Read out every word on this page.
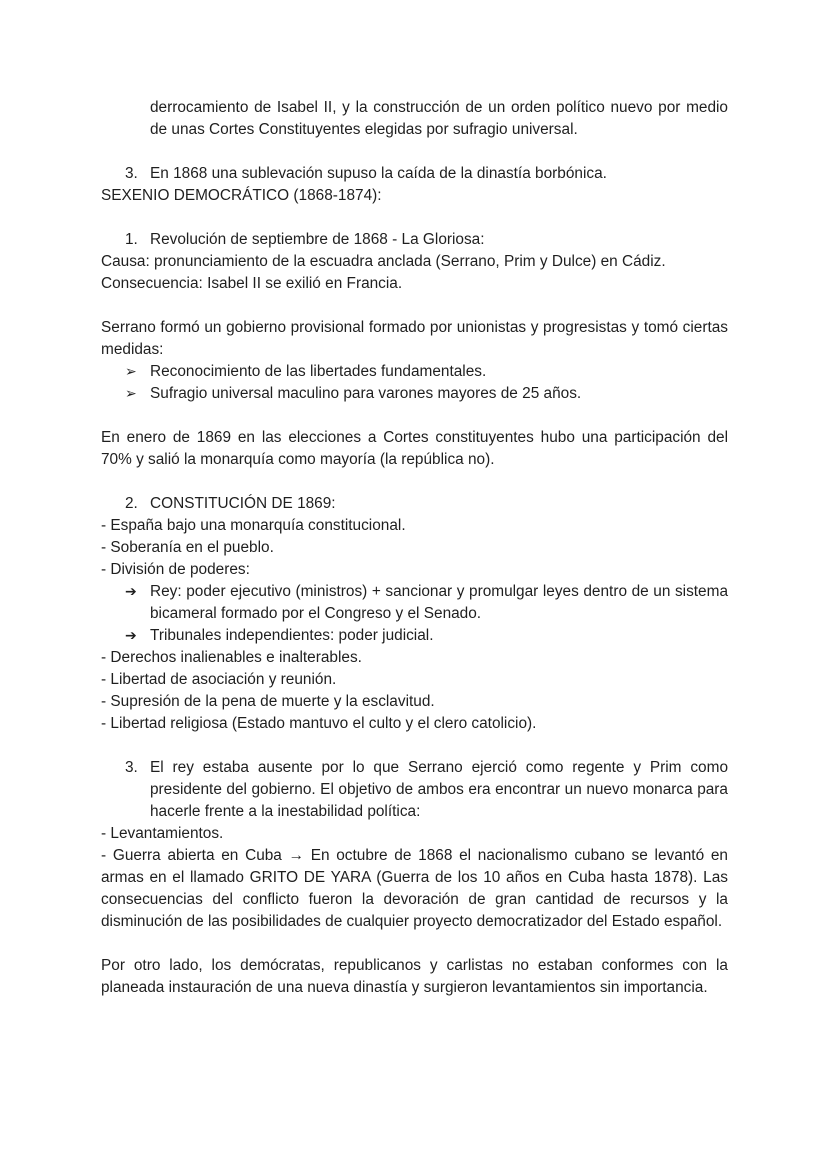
derrocamiento de Isabel II, y la construcción de un orden político nuevo por medio de unas Cortes Constituyentes elegidas por sufragio universal.

3. En 1868 una sublevación supuso la caída de la dinastía borbónica.

SEXENIO DEMOCRÁTICO (1868-1874):

1. Revolución de septiembre de 1868 - La Gloriosa:

Causa: pronunciamiento de la escuadra anclada (Serrano, Prim y Dulce) en Cádiz.

Consecuencia: Isabel II se exilió en Francia.

Serrano formó un gobierno provisional formado por unionistas y progresistas y tomó ciertas medidas:

➢ Reconocimiento de las libertades fundamentales.

➢ Sufragio universal maculino para varones mayores de 25 años.

En enero de 1869 en las elecciones a Cortes constituyentes hubo una participación del 70% y salió la monarquía como mayoría (la república no).

2. CONSTITUCIÓN DE 1869:

- España bajo una monarquía constitucional.

- Soberanía en el pueblo.

- División de poderes:

➔ Rey: poder ejecutivo (ministros) + sancionar y promulgar leyes dentro de un sistema bicameral formado por el Congreso y el Senado.

➔ Tribunales independientes: poder judicial.

- Derechos inalienables e inalterables.

- Libertad de asociación y reunión.

- Supresión de la pena de muerte y la esclavitud.

- Libertad religiosa (Estado mantuvo el culto y el clero catolicio).

3. El rey estaba ausente por lo que Serrano ejerció como regente y Prim como presidente del gobierno. El objetivo de ambos era encontrar un nuevo monarca para hacerle frente a la inestabilidad política:

- Levantamientos.

- Guerra abierta en Cuba → En octubre de 1868 el nacionalismo cubano se levantó en armas en el llamado GRITO DE YARA (Guerra de los 10 años en Cuba hasta 1878). Las consecuencias del conflicto fueron la devoración de gran cantidad de recursos y la disminución de las posibilidades de cualquier proyecto democratizador del Estado español.

Por otro lado, los demócratas, republicanos y carlistas no estaban conformes con la planeada instauración de una nueva dinastía y surgieron levantamientos sin importancia.
